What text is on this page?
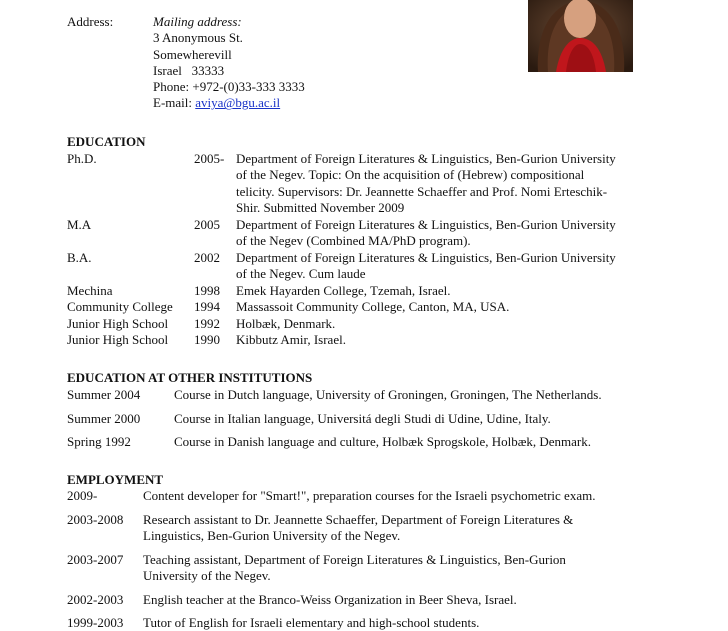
Address:	Mailing address:
3 Anonymous St.
Somewherevill
Israel   33333
Phone: +972-(0)33-333 3333
E-mail: aviya@bgu.ac.il
EDUCATION
Ph.D.	2005- Department of Foreign Literatures & Linguistics, Ben-Gurion University
of the Negev. Topic: On the acquisition of (Hebrew) compositional
telicity. Supervisors: Dr. Jeannette Schaeffer and Prof. Nomi Erteschik-
Shir. Submitted November 2009
M.A	2005	Department of Foreign Literatures & Linguistics, Ben-Gurion University
of the Negev (Combined MA/PhD program).
B.A.	2002	Department of Foreign Literatures & Linguistics, Ben-Gurion University
of the Negev. Cum laude
Mechina	1998	Emek Hayarden College, Tzemah, Israel.
Community College	1994	Massassoit Community College, Canton, MA, USA.
Junior High School	1992	Holbæk, Denmark.
Junior High School	1990	Kibbutz Amir, Israel.
EDUCATION AT OTHER INSTITUTIONS
Summer 2004	Course in Dutch language, University of Groningen, Groningen, The Netherlands.
Summer 2000	Course in Italian language, Universitá degli Studi di Udine, Udine, Italy.
Spring 1992	Course in Danish language and culture, Holbæk Sprogskole, Holbæk, Denmark.
EMPLOYMENT
2009-	Content developer for "Smart!", preparation courses for the Israeli psychometric exam.
2003-2008	Research assistant to Dr. Jeannette Schaeffer, Department of Foreign Literatures &
Linguistics, Ben-Gurion University of the Negev.
2003-2007	Teaching assistant, Department of Foreign Literatures & Linguistics, Ben-Gurion
University of the Negev.
2002-2003	English teacher at the Branco-Weiss Organization in Beer Sheva, Israel.
1999-2003	Tutor of English for Israeli elementary and high-school students.
